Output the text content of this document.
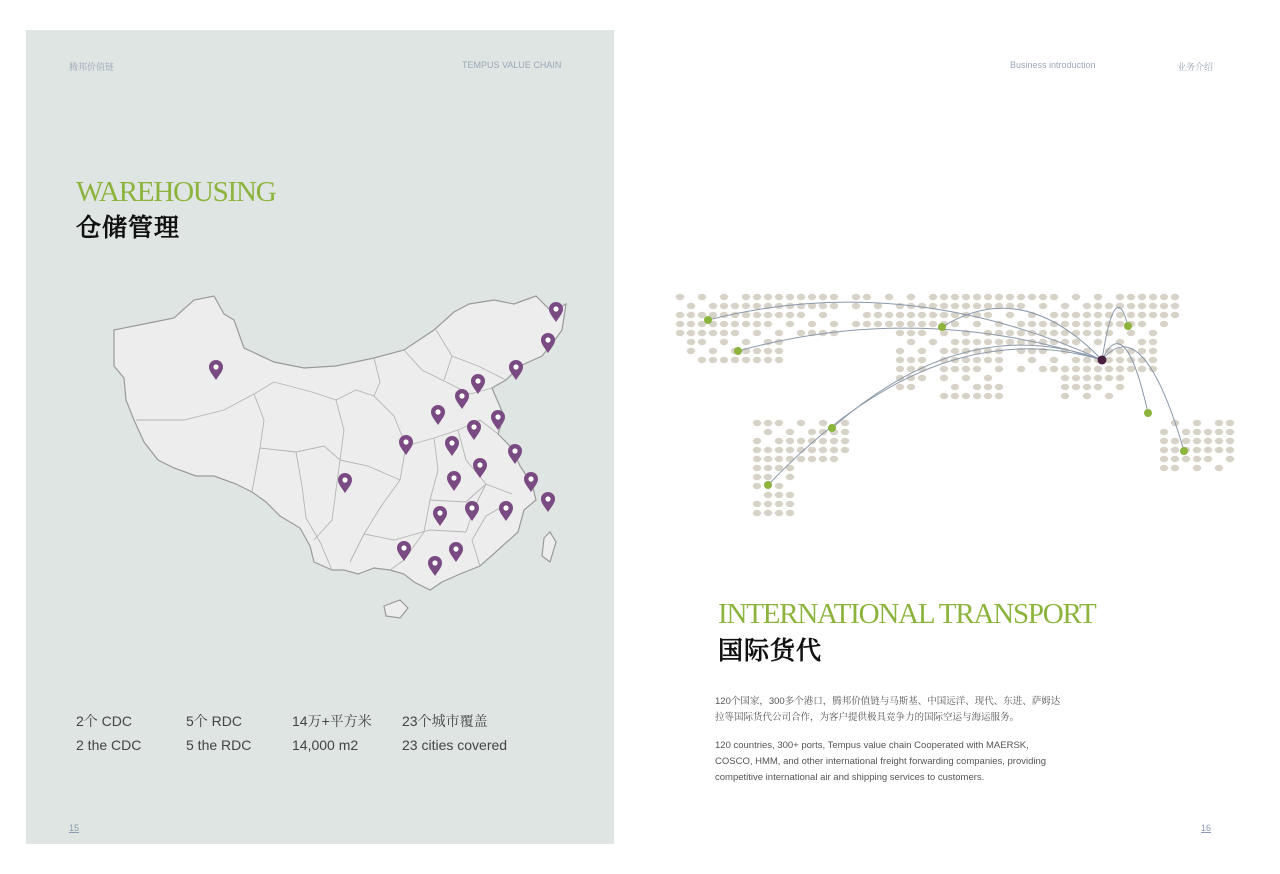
腾邦价值链	TEMPUS VALUE CHAIN
WAREHOUSING
仓储管理
2个 CDC
2 the CDC
5个 RDC
5 the RDC
14万+平方米
14,000 m2
23个城市覆盖
23 cities covered
15
Business introduction	业务介绍
INTERNATIONAL TRANSPORT
国际货代
120个国家，300多个港口，腾邦价值链与马斯基、中国远洋、现代、东进、萨姆达
拉等国际货代公司合作，为客户提供极具竞争力的国际空运与海运服务。
120 countries, 300+ ports, Tempus value chain Cooperated with MAERSK,
COSCO, HMM, and other international freight forwarding companies, providing
competitive international air and shipping services to customers.
16
